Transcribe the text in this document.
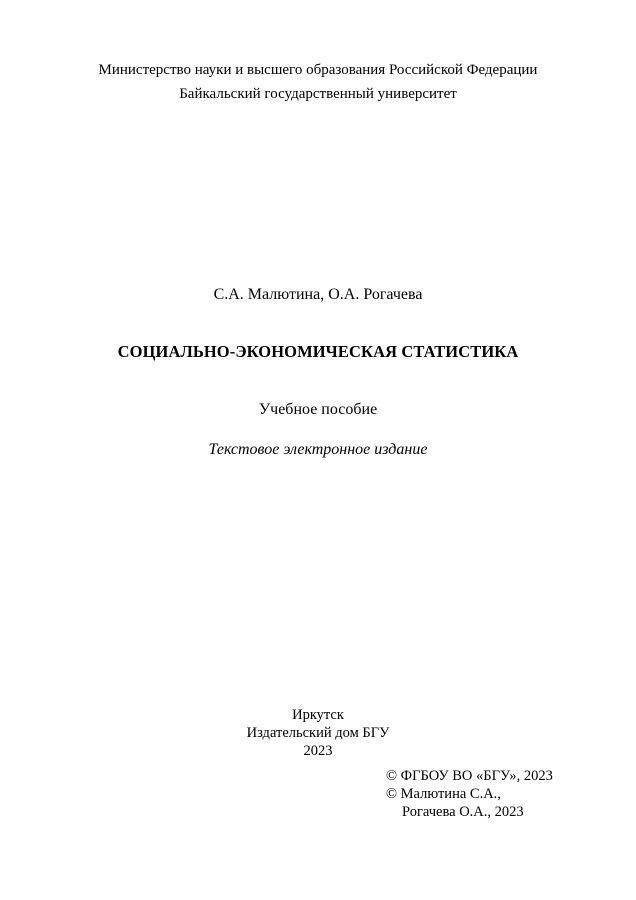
Министерство науки и высшего образования Российской Федерации
Байкальский государственный университет
С.А. Малютина, О.А. Рогачева
СОЦИАЛЬНО-ЭКОНОМИЧЕСКАЯ СТАТИСТИКА
Учебное пособие
Текстовое электронное издание
Иркутск
Издательский дом БГУ
2023
© ФГБОУ ВО «БГУ», 2023
© Малютина С.А.,
Рогачева О.А., 2023
